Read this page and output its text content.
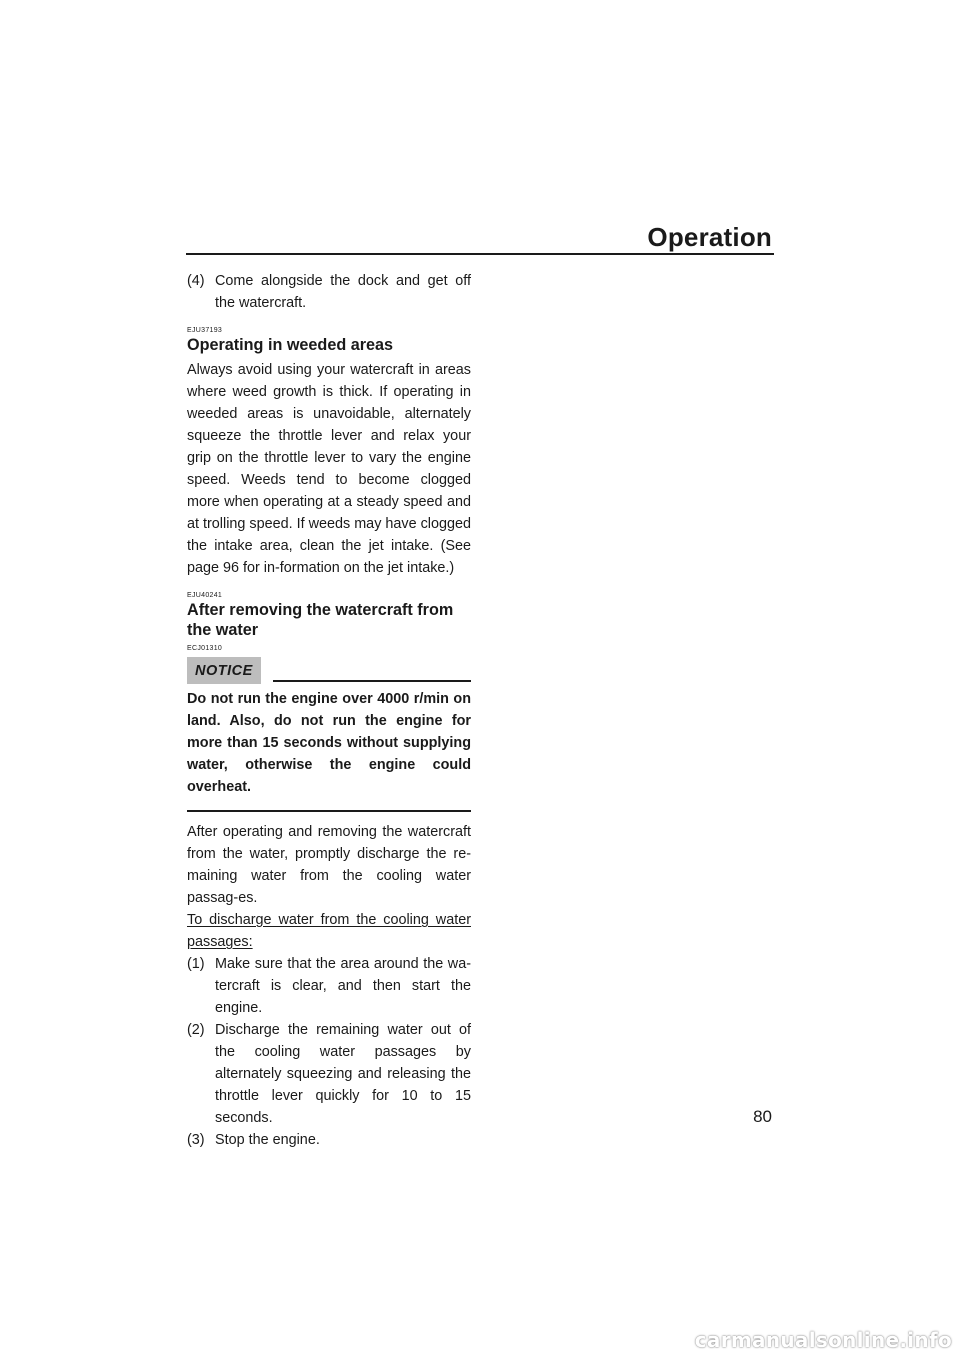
Operation
(4) Come alongside the dock and get off the watercraft.
EJU37193
Operating in weeded areas

Always avoid using your watercraft in areas where weed growth is thick. If operating in weeded areas is unavoidable, alternately squeeze the throttle lever and relax your grip on the throttle lever to vary the engine speed. Weeds tend to become clogged more when operating at a steady speed and at trolling speed. If weeds may have clogged the intake area, clean the jet intake. (See page 96 for in-formation on the jet intake.)

EJU40241
After removing the watercraft from the water
ECJ01310
NOTICE

Do not run the engine over 4000 r/min on land. Also, do not run the engine for more than 15 seconds without supplying water, otherwise the engine could overheat.

After operating and removing the watercraft from the water, promptly discharge the re-maining water from the cooling water passag-es.

To discharge water from the cooling water passages:

(1) Make sure that the area around the wa-tercraft is clear, and then start the engine.
(2) Discharge the remaining water out of the cooling water passages by alternately squeezing and releasing the throttle lever quickly for 10 to 15 seconds.
(3) Stop the engine.
80
carmanualsonline.info
